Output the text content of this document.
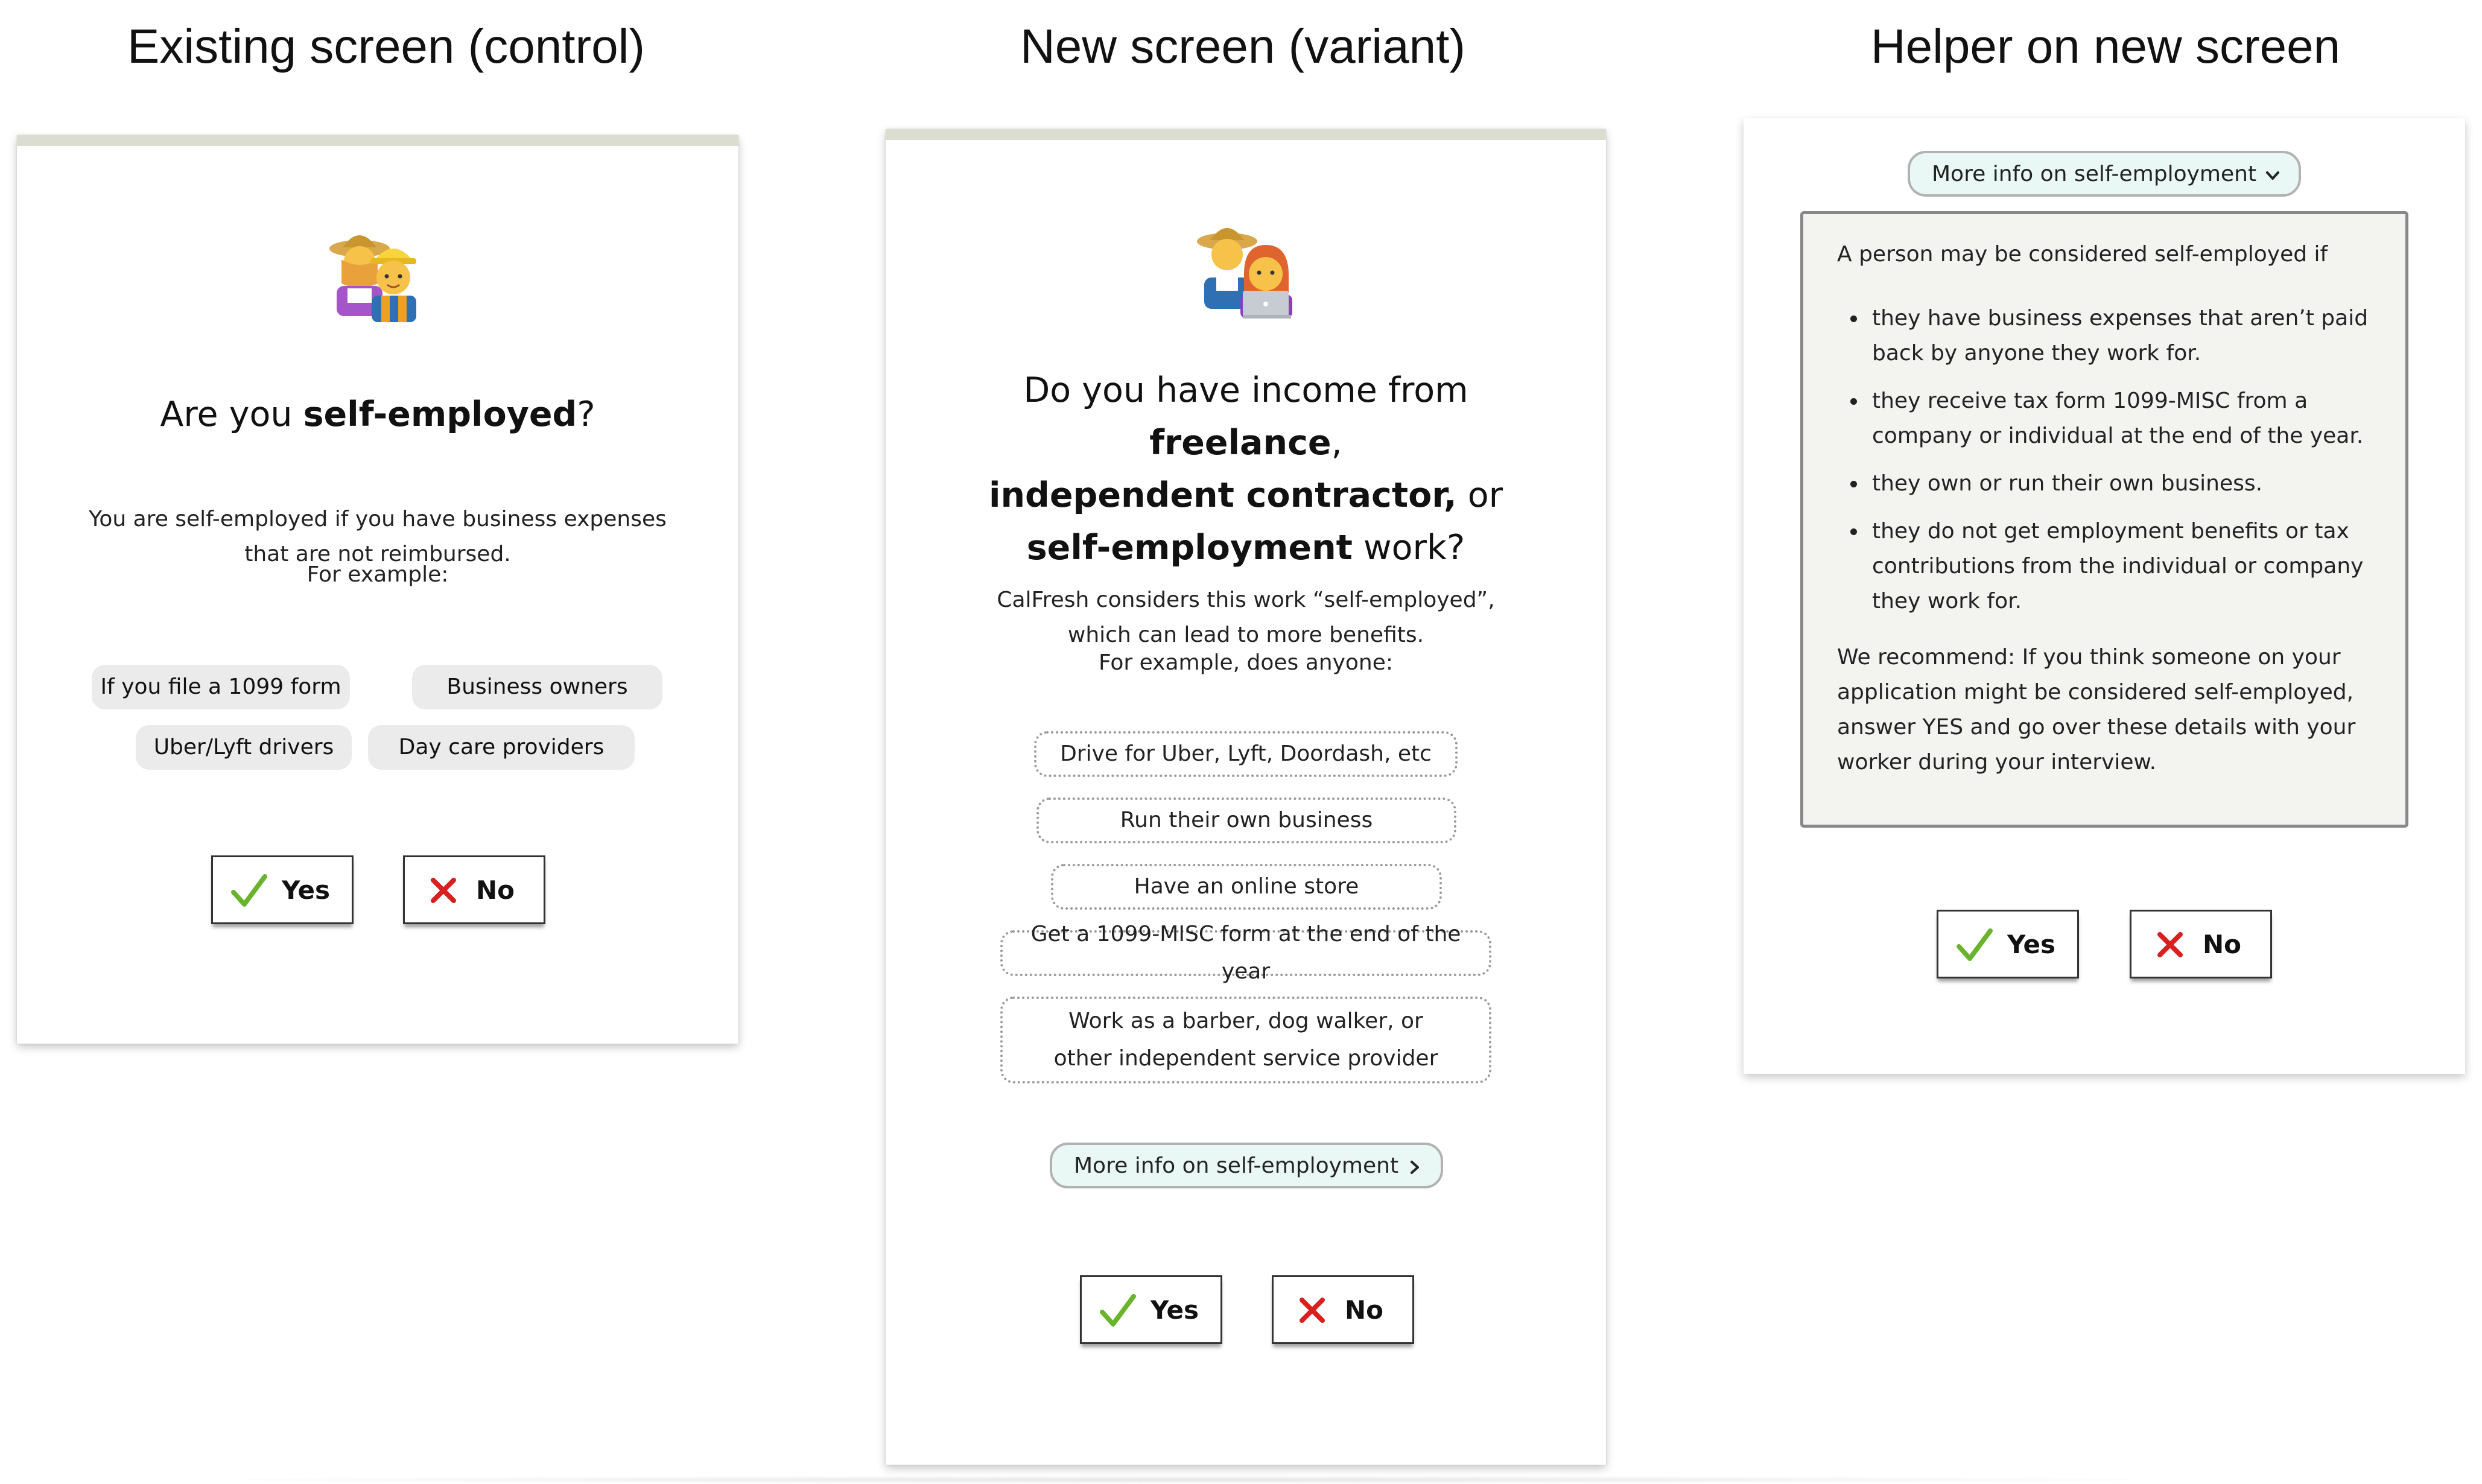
Existing screen (control)	New screen (variant)	Helper on new screen
Are you self-employed?
You are self-employed if you have business expenses that are not reimbursed.
For example:
If you file a 1099 form	Business owners
Uber/Lyft drivers	Day care providers
Yes	No
Do you have income from freelance,
independent contractor, or
self-employment work?
CalFresh considers this work “self-employed”, which can lead to more benefits.
For example, does anyone:
Drive for Uber, Lyft, Doordash, etc
Run their own business
Have an online store
Get a 1099-MISC form at the end of the year
Work as a barber, dog walker, or other independent service provider
More info on self-employment
Yes	No
More info on self-employment
A person may be considered self-employed if
they have business expenses that aren’t paid back by anyone they work for.
they receive tax form 1099-MISC from a company or individual at the end of the year.
they own or run their own business.
they do not get employment benefits or tax contributions from the individual or company they work for.
We recommend: If you think someone on your application might be considered self-employed, answer YES and go over these details with your worker during your interview.
Yes	No
